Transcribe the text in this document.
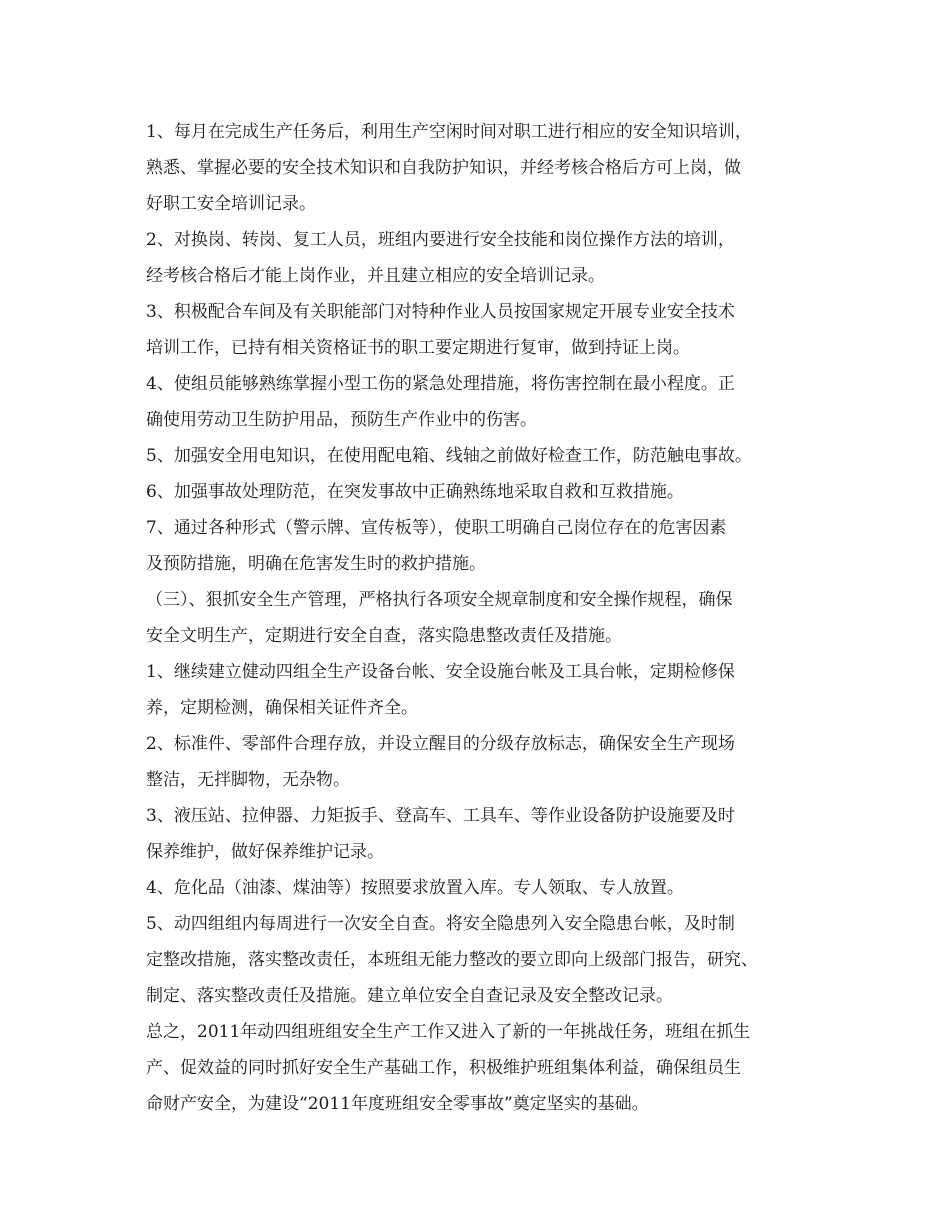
1、每月在完成生产任务后，利用生产空闲时间对职工进行相应的安全知识培训，

熟悉、掌握必要的安全技术知识和自我防护知识，并经考核合格后方可上岗，做

好职工安全培训记录。

2、对换岗、转岗、复工人员，班组内要进行安全技能和岗位操作方法的培训，

经考核合格后才能上岗作业，并且建立相应的安全培训记录。

3、积极配合车间及有关职能部门对特种作业人员按国家规定开展专业安全技术

培训工作，已持有相关资格证书的职工要定期进行复审，做到持证上岗。

4、使组员能够熟练掌握小型工伤的紧急处理措施，将伤害控制在最小程度。正

确使用劳动卫生防护用品，预防生产作业中的伤害。

5、加强安全用电知识，在使用配电箱、线轴之前做好检查工作，防范触电事故。

6、加强事故处理防范，在突发事故中正确熟练地采取自救和互救措施。

7、通过各种形式（警示牌、宣传板等），使职工明确自己岗位存在的危害因素

及预防措施，明确在危害发生时的救护措施。

（三）、狠抓安全生产管理，严格执行各项安全规章制度和安全操作规程，确保

安全文明生产，定期进行安全自查，落实隐患整改责任及措施。

1、继续建立健动四组全生产设备台帐、安全设施台帐及工具台帐，定期检修保

养，定期检测，确保相关证件齐全。

2、标准件、零部件合理存放，并设立醒目的分级存放标志，确保安全生产现场

整洁，无拌脚物，无杂物。

3、液压站、拉伸器、力矩扳手、登高车、工具车、等作业设备防护设施要及时

保养维护，做好保养维护记录。

4、危化品（油漆、煤油等）按照要求放置入库。专人领取、专人放置。

5、动四组组内每周进行一次安全自查。将安全隐患列入安全隐患台帐，及时制

定整改措施，落实整改责任，本班组无能力整改的要立即向上级部门报告，研究、

制定、落实整改责任及措施。建立单位安全自查记录及安全整改记录。

总之，2011年动四组班组安全生产工作又进入了新的一年挑战任务，班组在抓生

产、促效益的同时抓好安全生产基础工作，积极维护班组集体利益，确保组员生

命财产安全，为建设“2011年度班组安全零事故”奠定坚实的基础。
